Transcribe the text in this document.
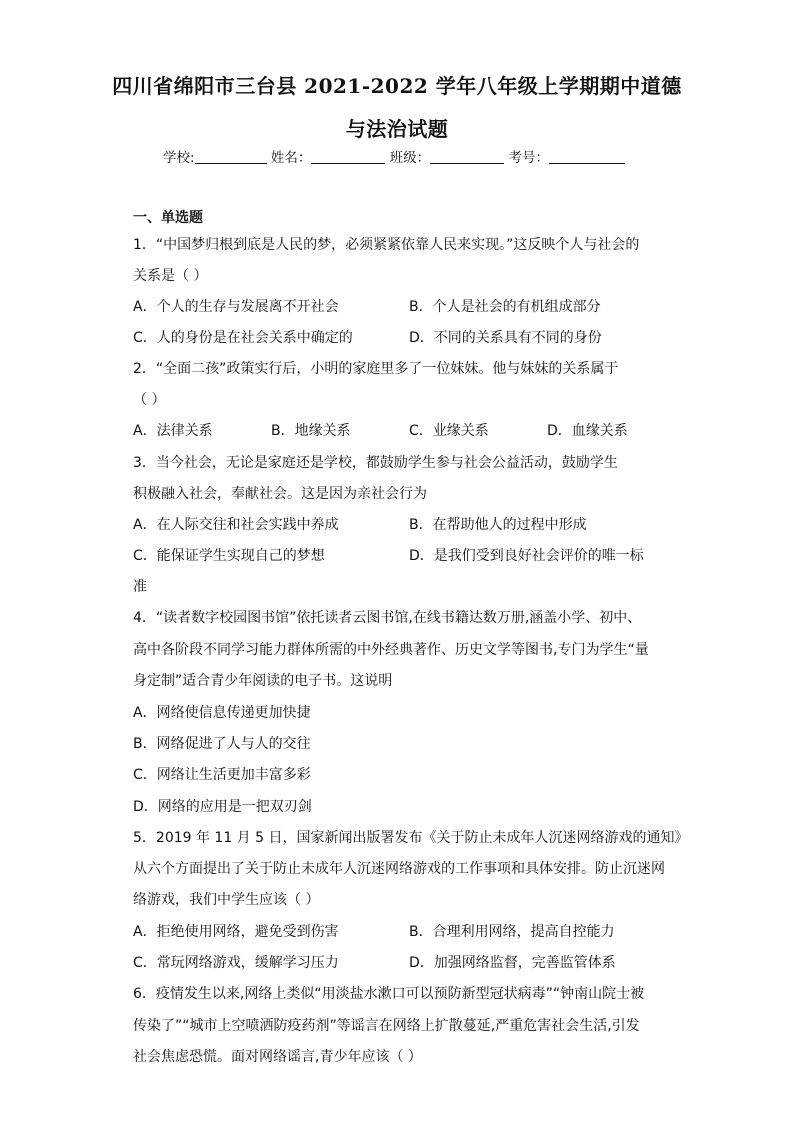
四川省绵阳市三台县 2021-2022 学年八年级上学期期中道德
与法治试题
学校:	姓名：	班级：	考号：
一、单选题
1．“中国梦归根到底是人民的梦，必须紧紧依靠人民来实现。”这反映个人与社会的
关系是（ ）
A．个人的生存与发展离不开社会	B．个人是社会的有机组成部分
C．人的身份是在社会关系中确定的	D．不同的关系具有不同的身份
2．“全面二孩”政策实行后，小明的家庭里多了一位妹妹。他与妹妹的关系属于
（ ）
A．法律关系	B．地缘关系	C．业缘关系	D．血缘关系
3．当今社会，无论是家庭还是学校，都鼓励学生参与社会公益活动，鼓励学生
积极融入社会，奉献社会。这是因为亲社会行为
A．在人际交往和社会实践中养成	B．在帮助他人的过程中形成
C．能保证学生实现自己的梦想	D．是我们受到良好社会评价的唯一标
准
4．“读者数字校园图书馆”依托读者云图书馆,在线书籍达数万册,涵盖小学、初中、
高中各阶段不同学习能力群体所需的中外经典著作、历史文学等图书,专门为学生“量
身定制”适合青少年阅读的电子书。这说明
A．网络使信息传递更加快捷
B．网络促进了人与人的交往
C．网络让生活更加丰富多彩
D．网络的应用是一把双刃剑
5．2019 年 11 月 5 日，国家新闻出版署发布《关于防止未成年人沉迷网络游戏的通知》
从六个方面提出了关于防止未成年人沉迷网络游戏的工作事项和具体安排。防止沉迷网
络游戏，我们中学生应该（ ）
A．拒绝使用网络，避免受到伤害	B．合理利用网络，提高自控能力
C．常玩网络游戏，缓解学习压力	D．加强网络监督，完善监管体系
6．疫情发生以来,网络上类似“用淡盐水漱口可以预防新型冠状病毒”“钟南山院士被
传染了”“城市上空喷洒防疫药剂”等谣言在网络上扩散蔓延,严重危害社会生活,引发
社会焦虑恐慌。面对网络谣言,青少年应该（ ）
